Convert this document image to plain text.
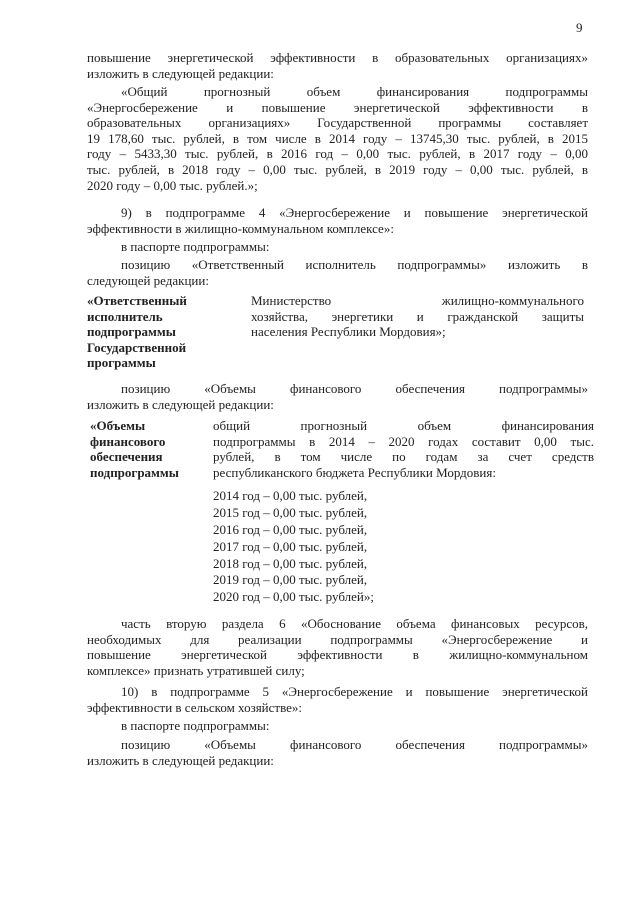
9
повышение энергетической эффективности в образовательных организациях»
изложить в следующей редакции:
«Общий прогнозный объем финансирования подпрограммы
«Энергосбережение и повышение энергетической эффективности в
образовательных организациях» Государственной программы составляет
19 178,60 тыс. рублей, в том числе в 2014 году – 13745,30 тыс. рублей, в 2015
году – 5433,30 тыс. рублей, в 2016 год – 0,00 тыс. рублей, в 2017 году – 0,00
тыс. рублей, в 2018 году – 0,00 тыс. рублей, в 2019 году – 0,00 тыс. рублей, в
2020 году – 0,00 тыс. рублей.»;
9) в подпрограмме 4 «Энергосбережение и повышение энергетической
эффективности в жилищно-коммунальном комплексе»:
в паспорте подпрограммы:
позицию «Ответственный исполнитель подпрограммы» изложить в
следующей редакции:
«Ответственный
исполнитель
подпрограммы
Государственной
программы
Министерство жилищно-коммунального
хозяйства, энергетики и гражданской защиты
населения Республики Мордовия»;
позицию «Объемы финансового обеспечения подпрограммы»
изложить в следующей редакции:
«Объемы
финансового
обеспечения
подпрограммы
общий прогнозный объем финансирования
подпрограммы в 2014 – 2020 годах составит 0,00 тыс.
рублей, в том числе по годам за счет средств
республиканского бюджета Республики Мордовия:
2014 год – 0,00 тыс. рублей,
2015 год – 0,00 тыс. рублей,
2016 год – 0,00 тыс. рублей,
2017 год – 0,00 тыс. рублей,
2018 год – 0,00 тыс. рублей,
2019 год – 0,00 тыс. рублей,
2020 год – 0,00 тыс. рублей»;
часть вторую раздела 6 «Обоснование объема финансовых ресурсов,
необходимых для реализации подпрограммы «Энергосбережение и
повышение энергетической эффективности в жилищно-коммунальном
комплексе» признать утратившей силу;
10) в подпрограмме 5 «Энергосбережение и повышение энергетической
эффективности в сельском хозяйстве»:
в паспорте подпрограммы:
позицию «Объемы финансового обеспечения подпрограммы»
изложить в следующей редакции:
